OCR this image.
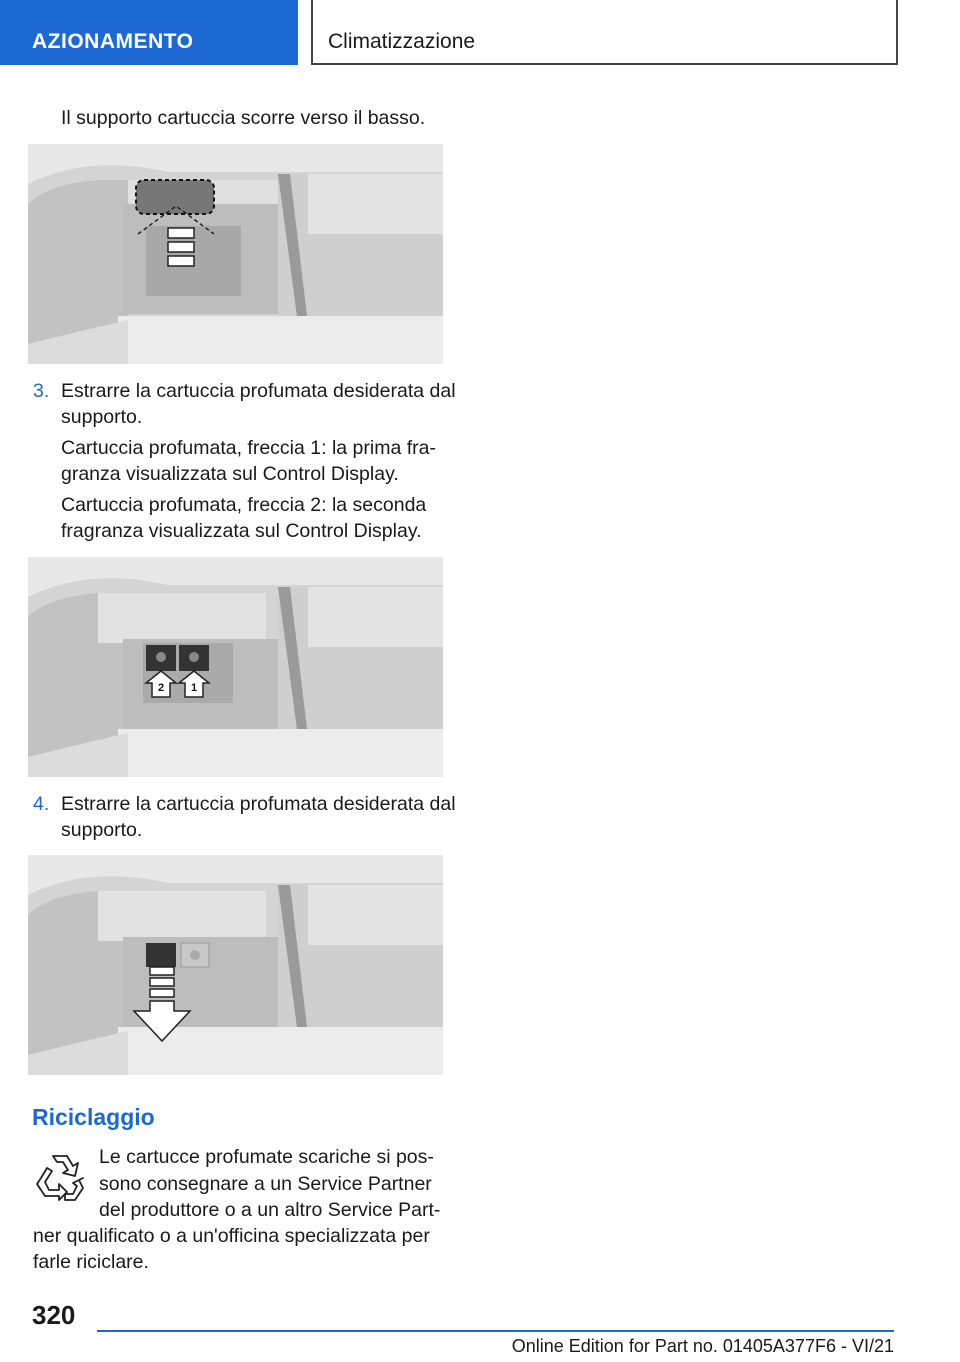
AZIONAMENTO	Climatizzazione
Il supporto cartuccia scorre verso il basso.
3. Estrarre la cartuccia profumata desiderata dal
supporto.
Cartuccia profumata, freccia 1: la prima fra-
granza visualizzata sul Control Display.
Cartuccia profumata, freccia 2: la seconda
fragranza visualizzata sul Control Display.
2 1
4. Estrarre la cartuccia profumata desiderata dal
supporto.
Riciclaggio
Le cartucce profumate scariche si pos-
sono consegnare a un Service Partner
del produttore o a un altro Service Part-
ner qualificato o a un'officina specializzata per
farle riciclare.
320
Online Edition for Part no. 01405A377F6 - VI/21
